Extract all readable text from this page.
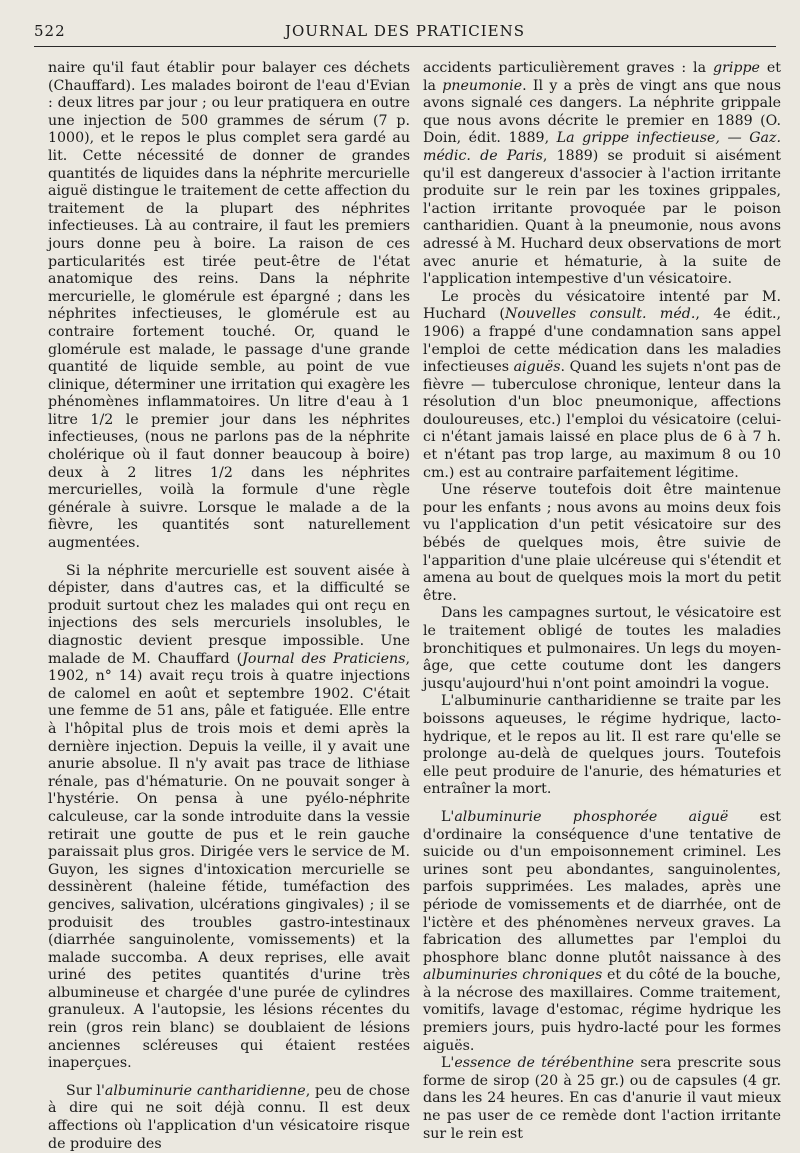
522	JOURNAL DES PRATICIENS

naire qu'il faut établir pour balayer ces déchets (Chauffard). Les malades boiront de l'eau d'Evian : deux litres par jour ; ou leur pratiquera en outre une injection de 500 grammes de sérum (7 p. 1000), et le repos le plus complet sera gardé au lit. Cette nécessité de donner de grandes quantités de liquides dans la néphrite mercurielle aiguë distingue le traitement de cette affection du traitement de la plupart des néphrites infectieuses. Là au contraire, il faut les premiers jours donne peu à boire. La raison de ces particularités est tirée peut-être de l'état anatomique des reins. Dans la néphrite mercurielle, le glomérule est épargné ; dans les néphrites infectieuses, le glomérule est au contraire fortement touché. Or, quand le glomérule est malade, le passage d'une grande quantité de liquide semble, au point de vue clinique, déterminer une irritation qui exagère les phénomènes inflammatoires. Un litre d'eau à 1 litre 1/2 le premier jour dans les néphrites infectieuses, (nous ne parlons pas de la néphrite cholérique où il faut donner beaucoup à boire) deux à 2 litres 1/2 dans les néphrites mercurielles, voilà la formule d'une règle générale à suivre. Lorsque le malade a de la fièvre, les quantités sont naturellement augmentées.

Si la néphrite mercurielle est souvent aisée à dépister, dans d'autres cas, et la difficulté se produit surtout chez les malades qui ont reçu en injections des sels mercuriels insolubles, le diagnostic devient presque impossible. Une malade de M. Chauffard (Journal des Praticiens, 1902, n° 14) avait reçu trois à quatre injections de calomel en août et septembre 1902. C'était une femme de 51 ans, pâle et fatiguée. Elle entre à l'hôpital plus de trois mois et demi après la dernière injection. Depuis la veille, il y avait une anurie absolue. Il n'y avait pas trace de lithiase rénale, pas d'hématurie. On ne pouvait songer à l'hystérie. On pensa à une pyélo-néphrite calculeuse, car la sonde introduite dans la vessie retirait une goutte de pus et le rein gauche paraissait plus gros. Dirigée vers le service de M. Guyon, les signes d'intoxication mercurielle se dessinèrent (haleine fétide, tuméfaction des gencives, salivation, ulcérations gingivales) ; il se produisit des troubles gastro-intestinaux (diarrhée sanguinolente, vomissements) et la malade succomba. A deux reprises, elle avait uriné des petites quantités d'urine très albumineuse et chargée d'une purée de cylindres granuleux. A l'autopsie, les lésions récentes du rein (gros rein blanc) se doublaient de lésions anciennes scléreuses qui étaient restées inaperçues.

Sur l'albuminurie cantharidienne, peu de chose à dire qui ne soit déjà connu. Il est deux affections où l'application d'un vésicatoire risque de produire des

accidents particulièrement graves : la grippe et la pneumonie. Il y a près de vingt ans que nous avons signalé ces dangers. La néphrite grippale que nous avons décrite le premier en 1889 (O. Doin, édit. 1889, La grippe infectieuse, — Gaz. médic. de Paris, 1889) se produit si aisément qu'il est dangereux d'associer à l'action irritante produite sur le rein par les toxines grippales, l'action irritante provoquée par le poison cantharidien. Quant à la pneumonie, nous avons adressé à M. Huchard deux observations de mort avec anurie et hématurie, à la suite de l'application intempestive d'un vésicatoire.

Le procès du vésicatoire intenté par M. Huchard (Nouvelles consult. méd., 4e édit., 1906) a frappé d'une condamnation sans appel l'emploi de cette médication dans les maladies infectieuses aiguës. Quand les sujets n'ont pas de fièvre — tuberculose chronique, lenteur dans la résolution d'un bloc pneumonique, affections douloureuses, etc.) l'emploi du vésicatoire (celui-ci n'étant jamais laissé en place plus de 6 à 7 h. et n'étant pas trop large, au maximum 8 ou 10 cm.) est au contraire parfaitement légitime.

Une réserve toutefois doit être maintenue pour les enfants ; nous avons au moins deux fois vu l'application d'un petit vésicatoire sur des bébés de quelques mois, être suivie de l'apparition d'une plaie ulcéreuse qui s'étendit et amena au bout de quelques mois la mort du petit être.

Dans les campagnes surtout, le vésicatoire est le traitement obligé de toutes les maladies bronchitiques et pulmonaires. Un legs du moyen-âge, que cette coutume dont les dangers jusqu'aujourd'hui n'ont point amoindri la vogue.

L'albuminurie cantharidienne se traite par les boissons aqueuses, le régime hydrique, lacto-hydrique, et le repos au lit. Il est rare qu'elle se prolonge au-delà de quelques jours. Toutefois elle peut produire de l'anurie, des hématuries et entraîner la mort.

L'albuminurie phosphorée aiguë est d'ordinaire la conséquence d'une tentative de suicide ou d'un empoisonnement criminel. Les urines sont peu abondantes, sanguinolentes, parfois supprimées. Les malades, après une période de vomissements et de diarrhée, ont de l'ictère et des phénomènes nerveux graves. La fabrication des allumettes par l'emploi du phosphore blanc donne plutôt naissance à des albuminuries chroniques et du côté de la bouche, à la nécrose des maxillaires. Comme traitement, vomitifs, lavage d'estomac, régime hydrique les premiers jours, puis hydro-lacté pour les formes aiguës.

L'essence de térébenthine sera prescrite sous forme de sirop (20 à 25 gr.) ou de capsules (4 gr. dans les 24 heures. En cas d'anurie il vaut mieux ne pas user de ce remède dont l'action irritante sur le rein est
